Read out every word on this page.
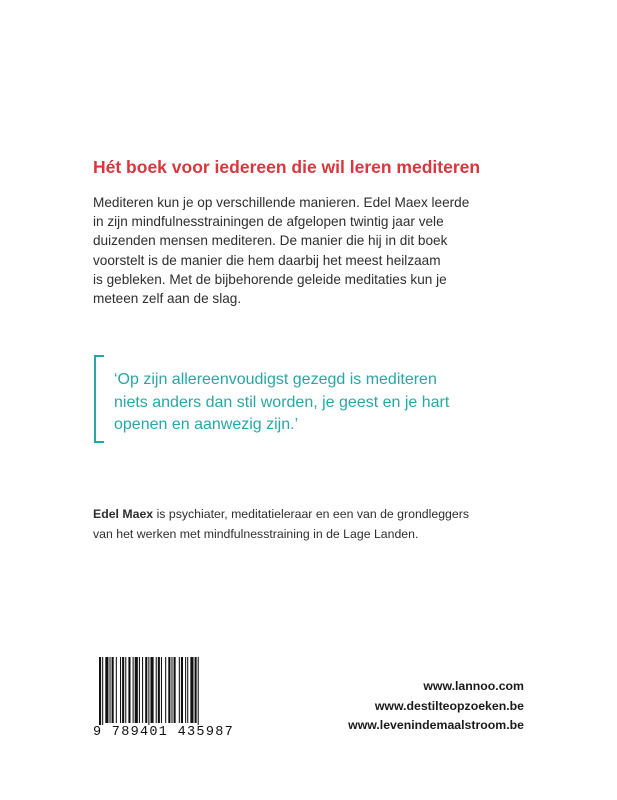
Hét boek voor iedereen die wil leren mediteren
Mediteren kun je op verschillende manieren. Edel Maex leerde
in zijn mindfulnesstrainingen de afgelopen twintig jaar vele
duizenden mensen mediteren. De manier die hij in dit boek
voorstelt is de manier die hem daarbij het meest heilzaam
is gebleken. Met de bijbehorende geleide meditaties kun je
meteen zelf aan de slag.
‘Op zijn allereenvoudigst gezegd is mediteren
niets anders dan stil worden, je geest en je hart
openen en aanwezig zijn.’
Edel Maex is psychiater, meditatieleraar en een van de grondleggers
van het werken met mindfulnesstraining in de Lage Landen.
9 789401 435987
www.lannoo.com
www.destilteopzoeken.be
www.levenindemaalstroom.be
